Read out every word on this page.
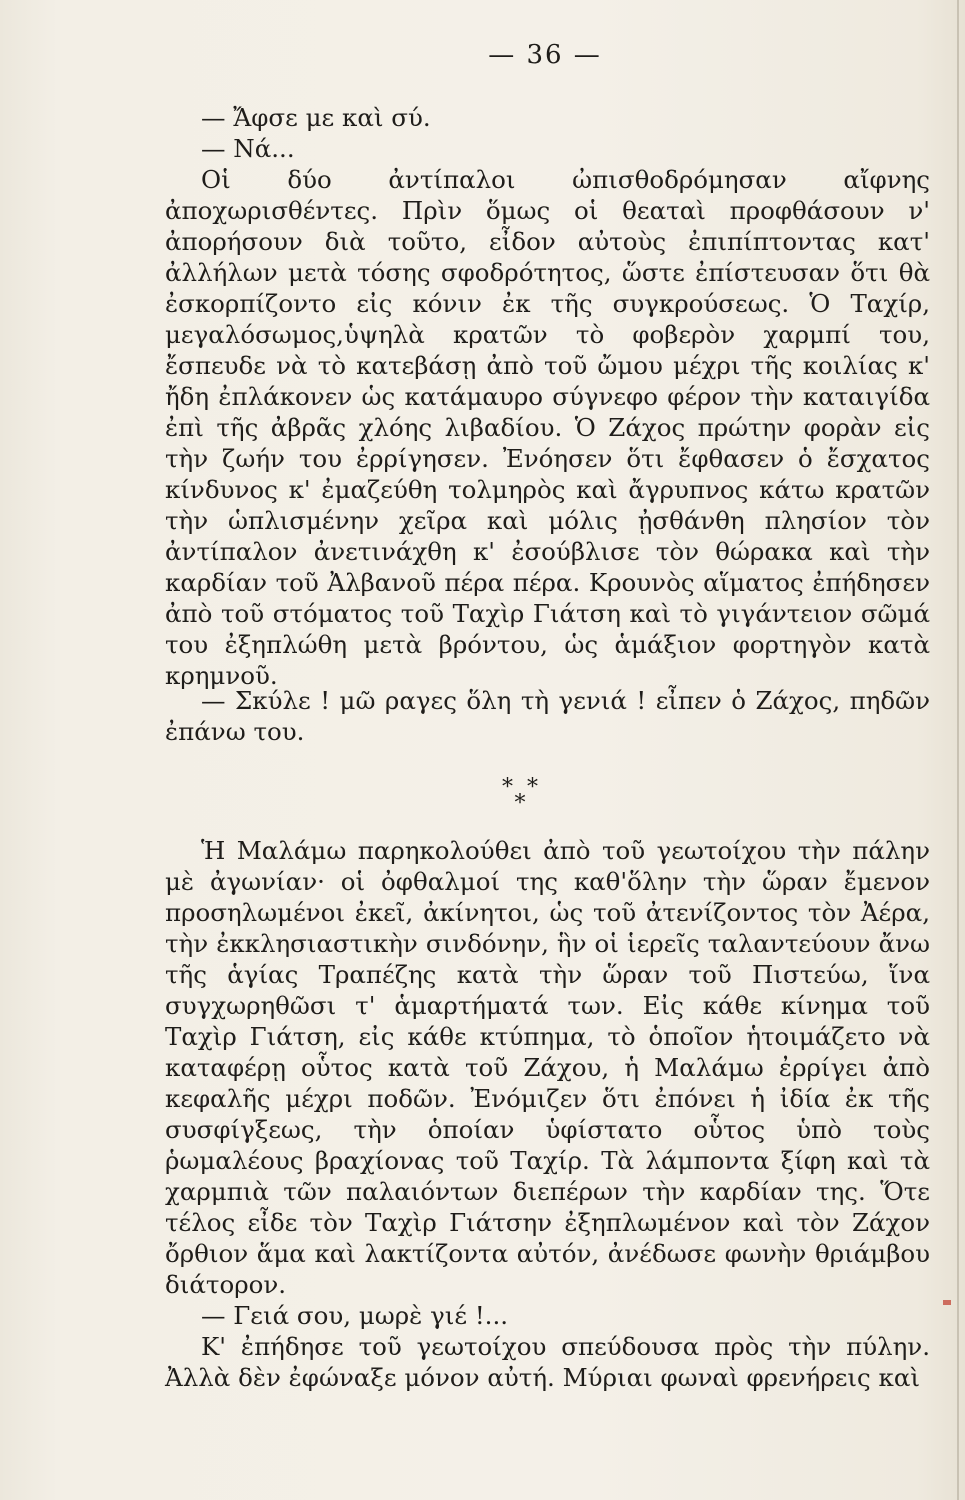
— 36 —

— Ἄφσε με καὶ σύ.

— Νά...

Οἱ δύο ἀντίπαλοι ὠπισθοδρόμησαν αἴφνης ἀποχωρισθέντες. Πρὶν ὅμως οἱ θεαταὶ προφθάσουν ν' ἀπορήσουν διὰ τοῦτο, εἶδον αὐτοὺς ἐπιπίπτοντας κατ' ἀλλήλων μετὰ τόσης σφοδρότητος, ὥστε ἐπίστευσαν ὅτι θὰ ἐσκορπίζοντο εἰς κόνιν ἐκ τῆς συγκρούσεως. Ὁ Ταχίρ, μεγαλόσωμος,ὑψηλὰ κρατῶν τὸ φοβερὸν χαρμπί του, ἔσπευδε νὰ τὸ κατεβάσῃ ἀπὸ τοῦ ὤμου μέχρι τῆς κοιλίας κ' ἤδη ἐπλάκονεν ὡς κατάμαυρο σύγνεφο φέρον τὴν καταιγίδα ἐπὶ τῆς ἀβρᾶς χλόης λιβαδίου. Ὁ Ζάχος πρώτην φορὰν εἰς τὴν ζωήν του ἐρρίγησεν. Ἐνόησεν ὅτι ἔφθασεν ὁ ἔσχατος κίνδυνος κ' ἐμαζεύθη τολμηρὸς καὶ ἄγρυπνος κάτω κρατῶν τὴν ὡπλισμένην χεῖρα καὶ μόλις ᾐσθάνθη πλησίον τὸν ἀντίπαλον ἀνετινάχθη κ' ἐσούβλισε τὸν θώρακα καὶ τὴν καρδίαν τοῦ Ἀλβανοῦ πέρα πέρα. Κρουνὸς αἵματος ἐπήδησεν ἀπὸ τοῦ στόματος τοῦ Ταχὶρ Γιάτση καὶ τὸ γιγάντειον σῶμά του ἐξηπλώθη μετὰ βρόντου, ὡς ἁμάξιον φορτηγὸν κατὰ κρημνοῦ.

— Σκύλε ! μῶ ραγες ὅλη τὴ γενιά ! εἶπεν ὁ Ζάχος, πηδῶν ἐπάνω του.

*  *
*

Ἡ Μαλάμω παρηκολούθει ἀπὸ τοῦ γεωτοίχου τὴν πάλην μὲ ἀγωνίαν· οἱ ὀφθαλμοί της καθ'ὅλην τὴν ὥραν ἔμενον προσηλωμένοι ἐκεῖ, ἀκίνητοι, ὡς τοῦ ἀτενίζοντος τὸν Ἀέρα, τὴν ἐκκλησιαστικὴν σινδόνην, ἣν οἱ ἱερεῖς ταλαντεύουν ἄνω τῆς ἁγίας Τραπέζης κατὰ τὴν ὥραν τοῦ Πιστεύω, ἵνα συγχωρηθῶσι τ' ἁμαρτήματά των. Εἰς κάθε κίνημα τοῦ Ταχὶρ Γιάτση, εἰς κάθε κτύπημα, τὸ ὁποῖον ἡτοιμάζετο νὰ καταφέρῃ οὗτος κατὰ τοῦ Ζάχου, ἡ Μαλάμω ἐρρίγει ἀπὸ κεφαλῆς μέχρι ποδῶν. Ἐνόμιζεν ὅτι ἐπόνει ἡ ἰδία ἐκ τῆς συσφίγξεως, τὴν ὁποίαν ὑφίστατο οὗτος ὑπὸ τοὺς ῥωμαλέους βραχίονας τοῦ Ταχίρ. Τὰ λάμποντα ξίφη καὶ τὰ χαρμπιὰ τῶν παλαιόντων διεπέρων τὴν καρδίαν της. Ὅτε τέλος εἶδε τὸν Ταχὶρ Γιάτσην ἐξηπλωμένον καὶ τὸν Ζάχον ὄρθιον ἅμα καὶ λακτίζοντα αὐτόν, ἀνέδωσε φωνὴν θριάμβου διάτορον.

— Γειά σου, μωρὲ γιέ !...

Κ' ἐπήδησε τοῦ γεωτοίχου σπεύδουσα πρὸς τὴν πύλην. Ἀλλὰ δὲν ἐφώναξε μόνον αὐτή. Μύριαι φωναὶ φρενήρεις καὶ
